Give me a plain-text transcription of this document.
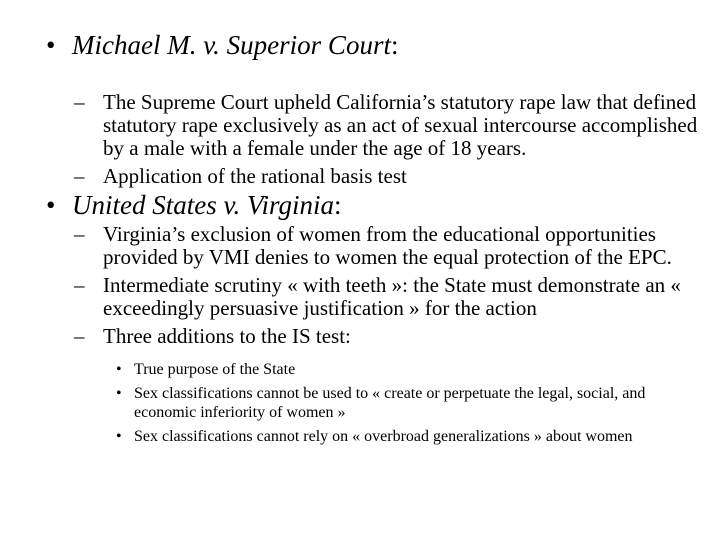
• Michael M. v. Superior Court:
– The Supreme Court upheld California’s statutory rape law that defined statutory rape exclusively as an act of sexual intercourse accomplished by a male with a female under the age of 18 years.
– Application of the rational basis test
• United States v. Virginia:
– Virginia’s exclusion of women from the educational opportunities provided by VMI denies to women the equal protection of the EPC.
– Intermediate scrutiny « with teeth »: the State must demonstrate an « exceedingly persuasive justification » for the action
– Three additions to the IS test:
• True purpose of the State
• Sex classifications cannot be used to « create or perpetuate the legal, social, and economic inferiority of women »
• Sex classifications cannot rely on « overbroad generalizations » about women
